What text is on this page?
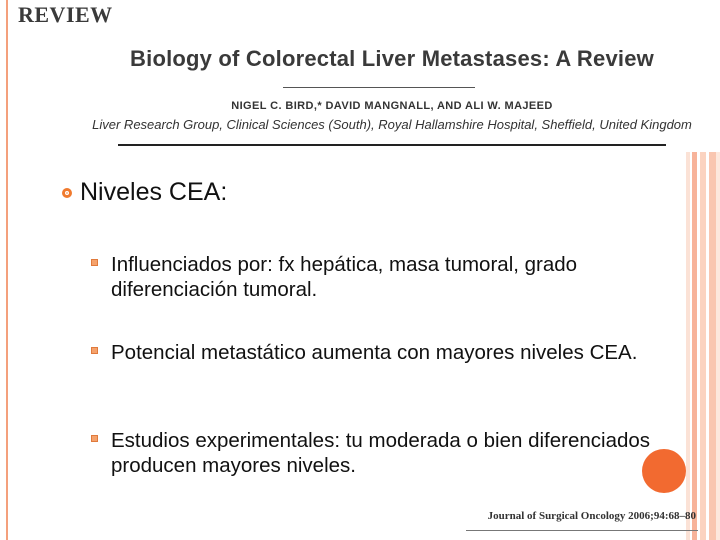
REVIEW
Biology of Colorectal Liver Metastases: A Review
NIGEL C. BIRD,* DAVID MANGNALL, AND ALI W. MAJEED
Liver Research Group, Clinical Sciences (South), Royal Hallamshire Hospital, Sheffield, United Kingdom
Niveles CEA:
Influenciados por: fx hepática, masa tumoral, grado diferenciación tumoral.
Potencial metastático aumenta con mayores niveles CEA.
Estudios experimentales: tu moderada o bien diferenciados producen mayores niveles.
Journal of Surgical Oncology 2006;94:68–80
